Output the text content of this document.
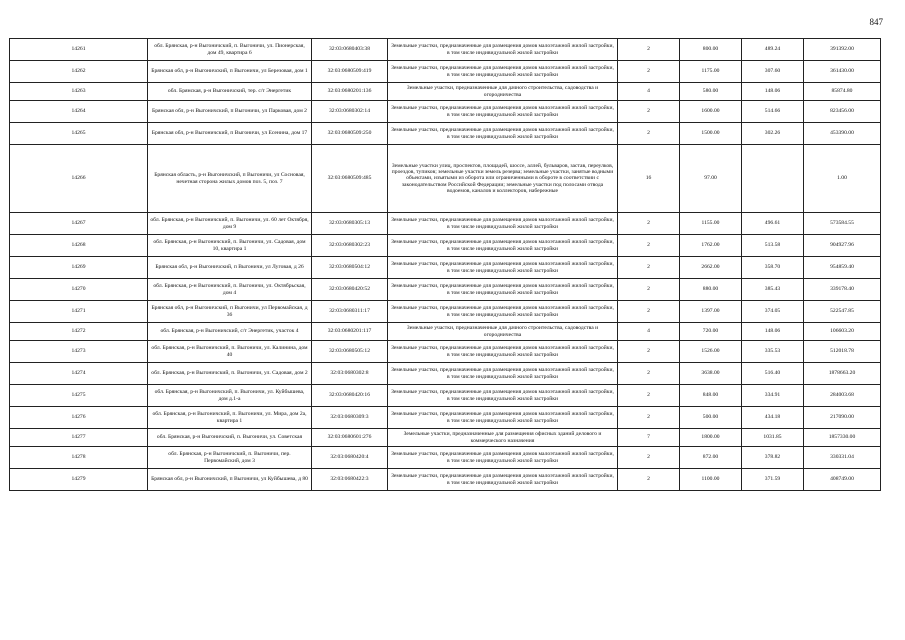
847
14261	обл. Брянская, р-н Выгоничский, п. Выгоничи, ул. Пионерская, дом 49, квартира 6	32:03:0680403:38	Земельные участки, предназначенные для размещения домов малоэтажной жилой застройки, в том числе индивидуальной жилой застройки	2	800.00	489.24	391392.00
14262	Брянская обл, р-н Выгоничский, п Выгоничи, ул Березовая, дом 1	32:03:0680509:419	Земельные участки, предназначенные для размещения домов малоэтажной жилой застройки, в том числе индивидуальной жилой застройки	2	1175.00	307.60	361430.00
14263	обл. Брянская, р-н Выгоничский, тер. с/т Энергетик	32:03:0680201:136	Земельные участки, предназначенные для дачного строительства, садоводства и огородничества	4	580.00	148.06	85874.80
14264	Брянская обл, р-н Выгоничский, п Выгоничи, ул Парковая, дом 2	32:03:0680302:14	Земельные участки, предназначенные для размещения домов малоэтажной жилой застройки, в том числе индивидуальной жилой застройки	2	1600.00	514.66	823456.00
14265	Брянская обл, р-н Выгоничский, п Выгоничи, ул Есенина, дом 17	32:03:0680509:250	Земельные участки, предназначенные для размещения домов малоэтажной жилой застройки, в том числе индивидуальной жилой застройки	2	1500.00	302.26	453390.00
14266	Брянская область, р-н Выгоничский, п Выгоничи, ул Сосновая, нечетная сторона жилых домов поз. 5, поз. 7	32:03:0680509:485	Земельные участки улиц, проспектов, площадей, шоссе, аллей, бульваров, застав, переулков, проездов, тупиков; земельные участки земель резерва; земельные участки, занятые водными объектами, изъятыми из оборота или ограниченными в обороте в соответствии с законодательством Российской Федерации; земельные участки под полосами отвода водоемов, каналов и коллекторов, набережные	16	97.00		1.00
14267	обл. Брянская, р-н Выгоничский, п. Выгоничи, ул. 60 лет Октября, дом 9	32:03:0680305:13	Земельные участки, предназначенные для размещения домов малоэтажной жилой застройки, в том числе индивидуальной жилой застройки	2	1155.00	496.61	573584.55
14268	обл. Брянская, р-н Выгоничский, п. Выгоничи, ул. Садовая, дом 10, квартира 1	32:03:0680302:23	Земельные участки, предназначенные для размещения домов малоэтажной жилой застройки, в том числе индивидуальной жилой застройки	2	1762.00	513.58	904927.96
14269	Брянская обл, р-н Выгоничский, п Выгоничи, ул Луговая, д 26	32:03:0680504:12	Земельные участки, предназначенные для размещения домов малоэтажной жилой застройки, в том числе индивидуальной жилой застройки	2	2662.00	358.70	954859.40
14270	обл. Брянская, р-н Выгоничский, п. Выгоничи, ул. Октябрьская, дом 4	32:03:0680420:52	Земельные участки, предназначенные для размещения домов малоэтажной жилой застройки, в том числе индивидуальной жилой застройки	2	880.00	385.43	339178.40
14271	Брянская обл, р-н Выгоничский, п Выгоничи, ул Первомайская, д 36	32:03:0680311:17	Земельные участки, предназначенные для размещения домов малоэтажной жилой застройки, в том числе индивидуальной жилой застройки	2	1397.00	374.05	522547.85
14272	обл. Брянская, р-н Выгоничский, с/т Энергетик, участок 4	32:03:0680201:117	Земельные участки, предназначенные для дачного строительства, садоводства и огородничества	4	720.00	148.06	106603.20
14273	обл. Брянская, р-н Выгоничский, п. Выгоничи, ул. Калинина, дом 40	32:03:0680505:12	Земельные участки, предназначенные для размещения домов малоэтажной жилой застройки, в том числе индивидуальной жилой застройки	2	1526.00	335.53	512018.78
14274	обл. Брянская, р-н Выгоничский, п. Выгоничи, ул. Садовая, дом 2	32:03:0680302:8	Земельные участки, предназначенные для размещения домов малоэтажной жилой застройки, в том числе индивидуальной жилой застройки	2	3638.00	516.40	1878663.20
14275	обл. Брянская, р-н Выгоничский, п. Выгоничи, ул. Куйбышева, дом д.1-а	32:03:0680420:16	Земельные участки, предназначенные для размещения домов малоэтажной жилой застройки, в том числе индивидуальной жилой застройки	2	848.00	334.91	284003.68
14276	обл. Брянская, р-н Выгоничский, п. Выгоничи, ул. Мира, дом 2а, квартира 1	32:03:0680309:3	Земельные участки, предназначенные для размещения домов малоэтажной жилой застройки, в том числе индивидуальной жилой застройки	2	500.00	434.18	217090.00
14277	обл. Брянская, р-н Выгоничский, п. Выгоничи, ул. Советская	32:03:0680601:276	Земельные участки, предназначенные для размещения офисных зданий делового и коммерческого назначения	7	1800.00	1031.85	1857330.00
14278	обл. Брянская, р-н Выгоничский, п. Выгоничи, пер. Первомайский, дом 3	32:03:0680420:4	Земельные участки, предназначенные для размещения домов малоэтажной жилой застройки, в том числе индивидуальной жилой застройки	2	872.00	378.82	330331.04
14279	Брянская обл, р-н Выгоничский, п Выгоничи, ул Куйбышева, д 80	32:03:0680422:3	Земельные участки, предназначенные для размещения домов малоэтажной жилой застройки, в том числе индивидуальной жилой застройки	2	1100.00	371.59	408749.00
